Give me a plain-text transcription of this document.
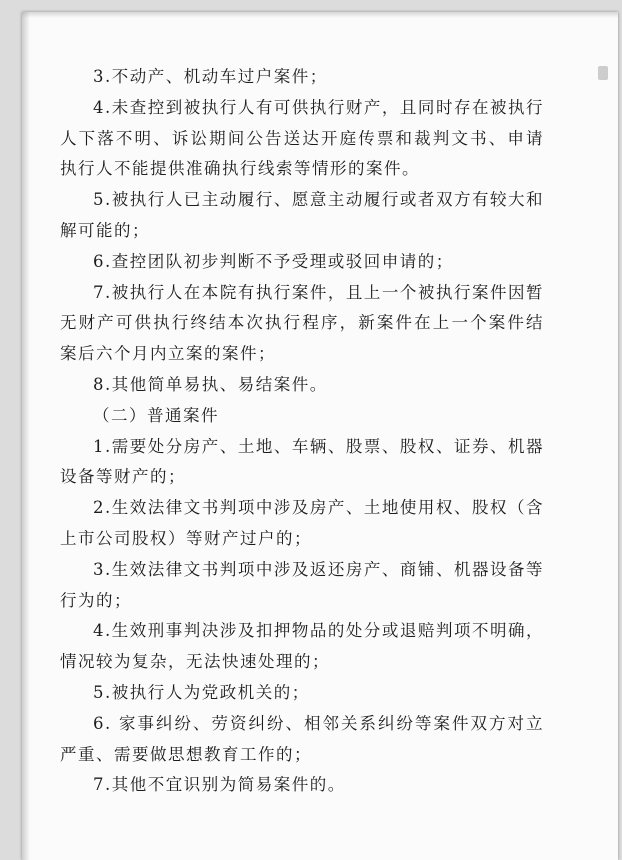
3.不动产、机动车过户案件；

4.未查控到被执行人有可供执行财产，且同时存在被执行人下落不明、诉讼期间公告送达开庭传票和裁判文书、申请执行人不能提供准确执行线索等情形的案件。

5.被执行人已主动履行、愿意主动履行或者双方有较大和解可能的；

6.查控团队初步判断不予受理或驳回申请的；

7.被执行人在本院有执行案件，且上一个被执行案件因暂无财产可供执行终结本次执行程序，新案件在上一个案件结案后六个月内立案的案件；

8.其他简单易执、易结案件。

（二）普通案件

1.需要处分房产、土地、车辆、股票、股权、证券、机器设备等财产的；

2.生效法律文书判项中涉及房产、土地使用权、股权（含上市公司股权）等财产过户的；

3.生效法律文书判项中涉及返还房产、商铺、机器设备等行为的；

4.生效刑事判决涉及扣押物品的处分或退赔判项不明确，情况较为复杂，无法快速处理的；

5.被执行人为党政机关的；

6. 家事纠纷、劳资纠纷、相邻关系纠纷等案件双方对立严重、需要做思想教育工作的；

7.其他不宜识别为简易案件的。
